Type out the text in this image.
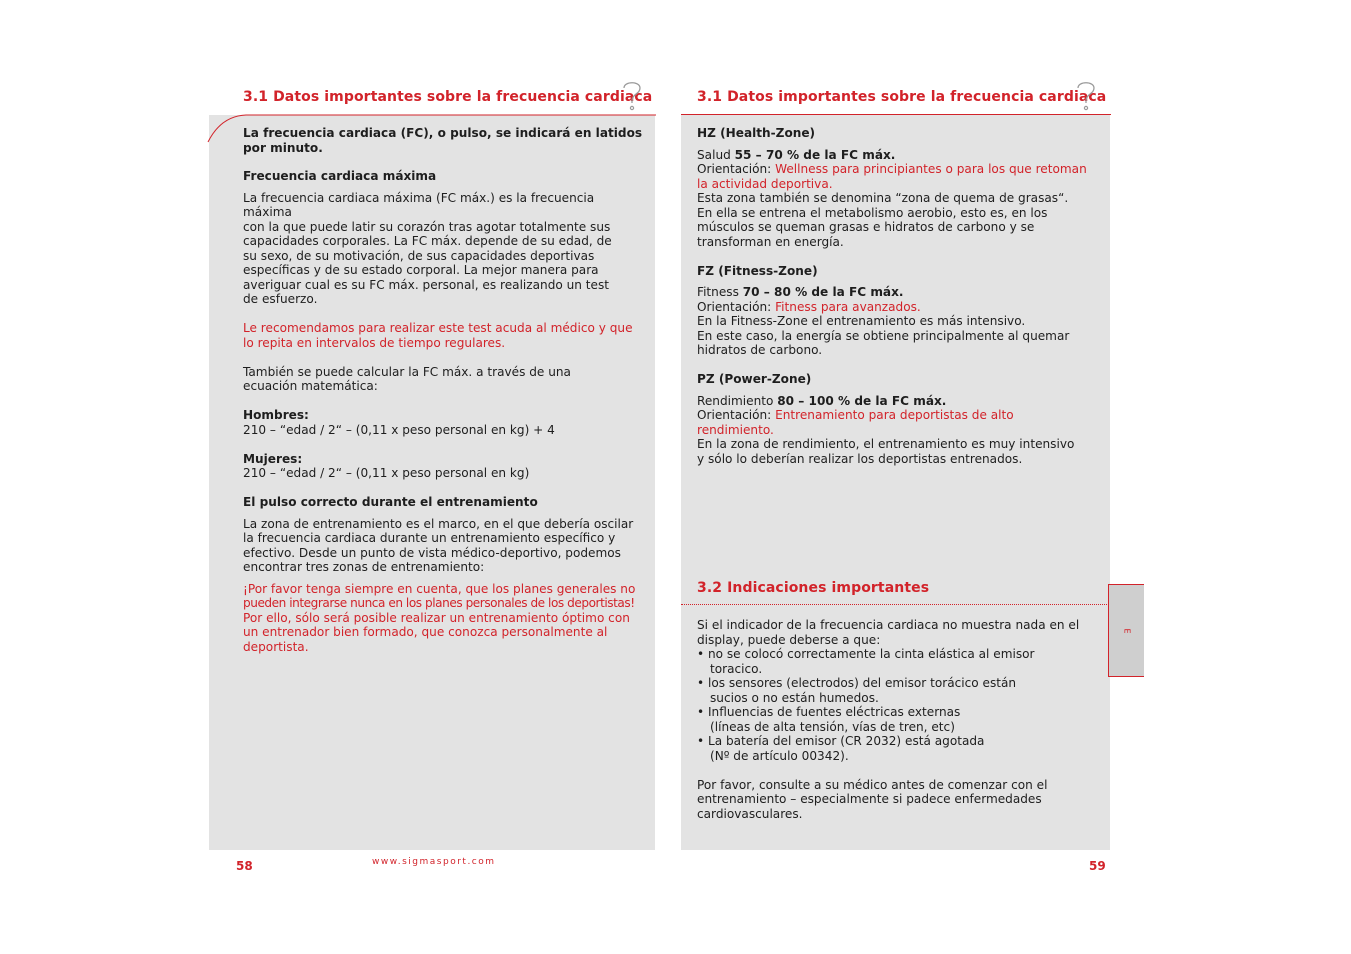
3.1 Datos importantes sobre la frecuencia cardiaca	3.1 Datos importantes sobre la frecuencia cardiaca

La frecuencia cardiaca (FC), o pulso, se indicará en latidos

por minuto.

Frecuencia cardiaca máxima

La frecuencia cardiaca máxima (FC máx.) es la frecuencia máxima

con la que puede latir su corazón tras agotar totalmente sus

capacidades corporales. La FC máx. depende de su edad, de

su sexo, de su motivación, de sus capacidades deportivas

específicas y de su estado corporal. La mejor manera para

averiguar cual es su FC máx. personal, es realizando un test

de esfuerzo.

Le recomendamos para realizar este test acuda al médico y que

lo repita en intervalos de tiempo regulares.

También se puede calcular la FC máx. a través de una

ecuación matemática:

Hombres:

210 – “edad / 2“ – (0,11 x peso personal en kg) + 4

Mujeres:

210 – “edad / 2“ – (0,11 x peso personal en kg)

El pulso correcto durante el entrenamiento

La zona de entrenamiento es el marco, en el que debería oscilar

la frecuencia cardiaca durante un entrenamiento específico y

efectivo. Desde un punto de vista médico-deportivo, podemos

encontrar tres zonas de entrenamiento:

¡Por favor tenga siempre en cuenta, que los planes generales no

pueden integrarse nunca en los planes personales de los deportistas!

Por ello, sólo será posible realizar un entrenamiento óptimo con

un entrenador bien formado, que conozca personalmente al

deportista.

HZ (Health-Zone)

Salud 55 – 70 % de la FC máx.

Orientación: Wellness para principiantes o para los que retoman

la actividad deportiva.

Esta zona también se denomina “zona de quema de grasas“.

En ella se entrena el metabolismo aerobio, esto es, en los

músculos se queman grasas e hidratos de carbono y se

transforman en energía.

FZ (Fitness-Zone)

Fitness 70 – 80 % de la FC máx.

Orientación: Fitness para avanzados.

En la Fitness-Zone el entrenamiento es más intensivo.

En este caso, la energía se obtiene principalmente al quemar

hidratos de carbono.

PZ (Power-Zone)

Rendimiento 80 – 100 % de la FC máx.

Orientación: Entrenamiento para deportistas de alto

rendimiento.

En la zona de rendimiento, el entrenamiento es muy intensivo

y sólo lo deberían realizar los deportistas entrenados.

3.2 Indicaciones importantes

Si el indicador de la frecuencia cardiaca no muestra nada en el

display, puede deberse a que:

• no se colocó correctamente la cinta elástica al emisor

toracico.

• los sensores (electrodos) del emisor torácico están

sucios o no están humedos.

• Influencias de fuentes eléctricas externas

(líneas de alta tensión, vías de tren, etc)

• La batería del emisor (CR 2032) está agotada

(Nº de artículo 00342).

Por favor, consulte a su médico antes de comenzar con el

entrenamiento – especialmente si padece enfermedades

cardiovasculares.

E
58	www.sigmasport.com	59
